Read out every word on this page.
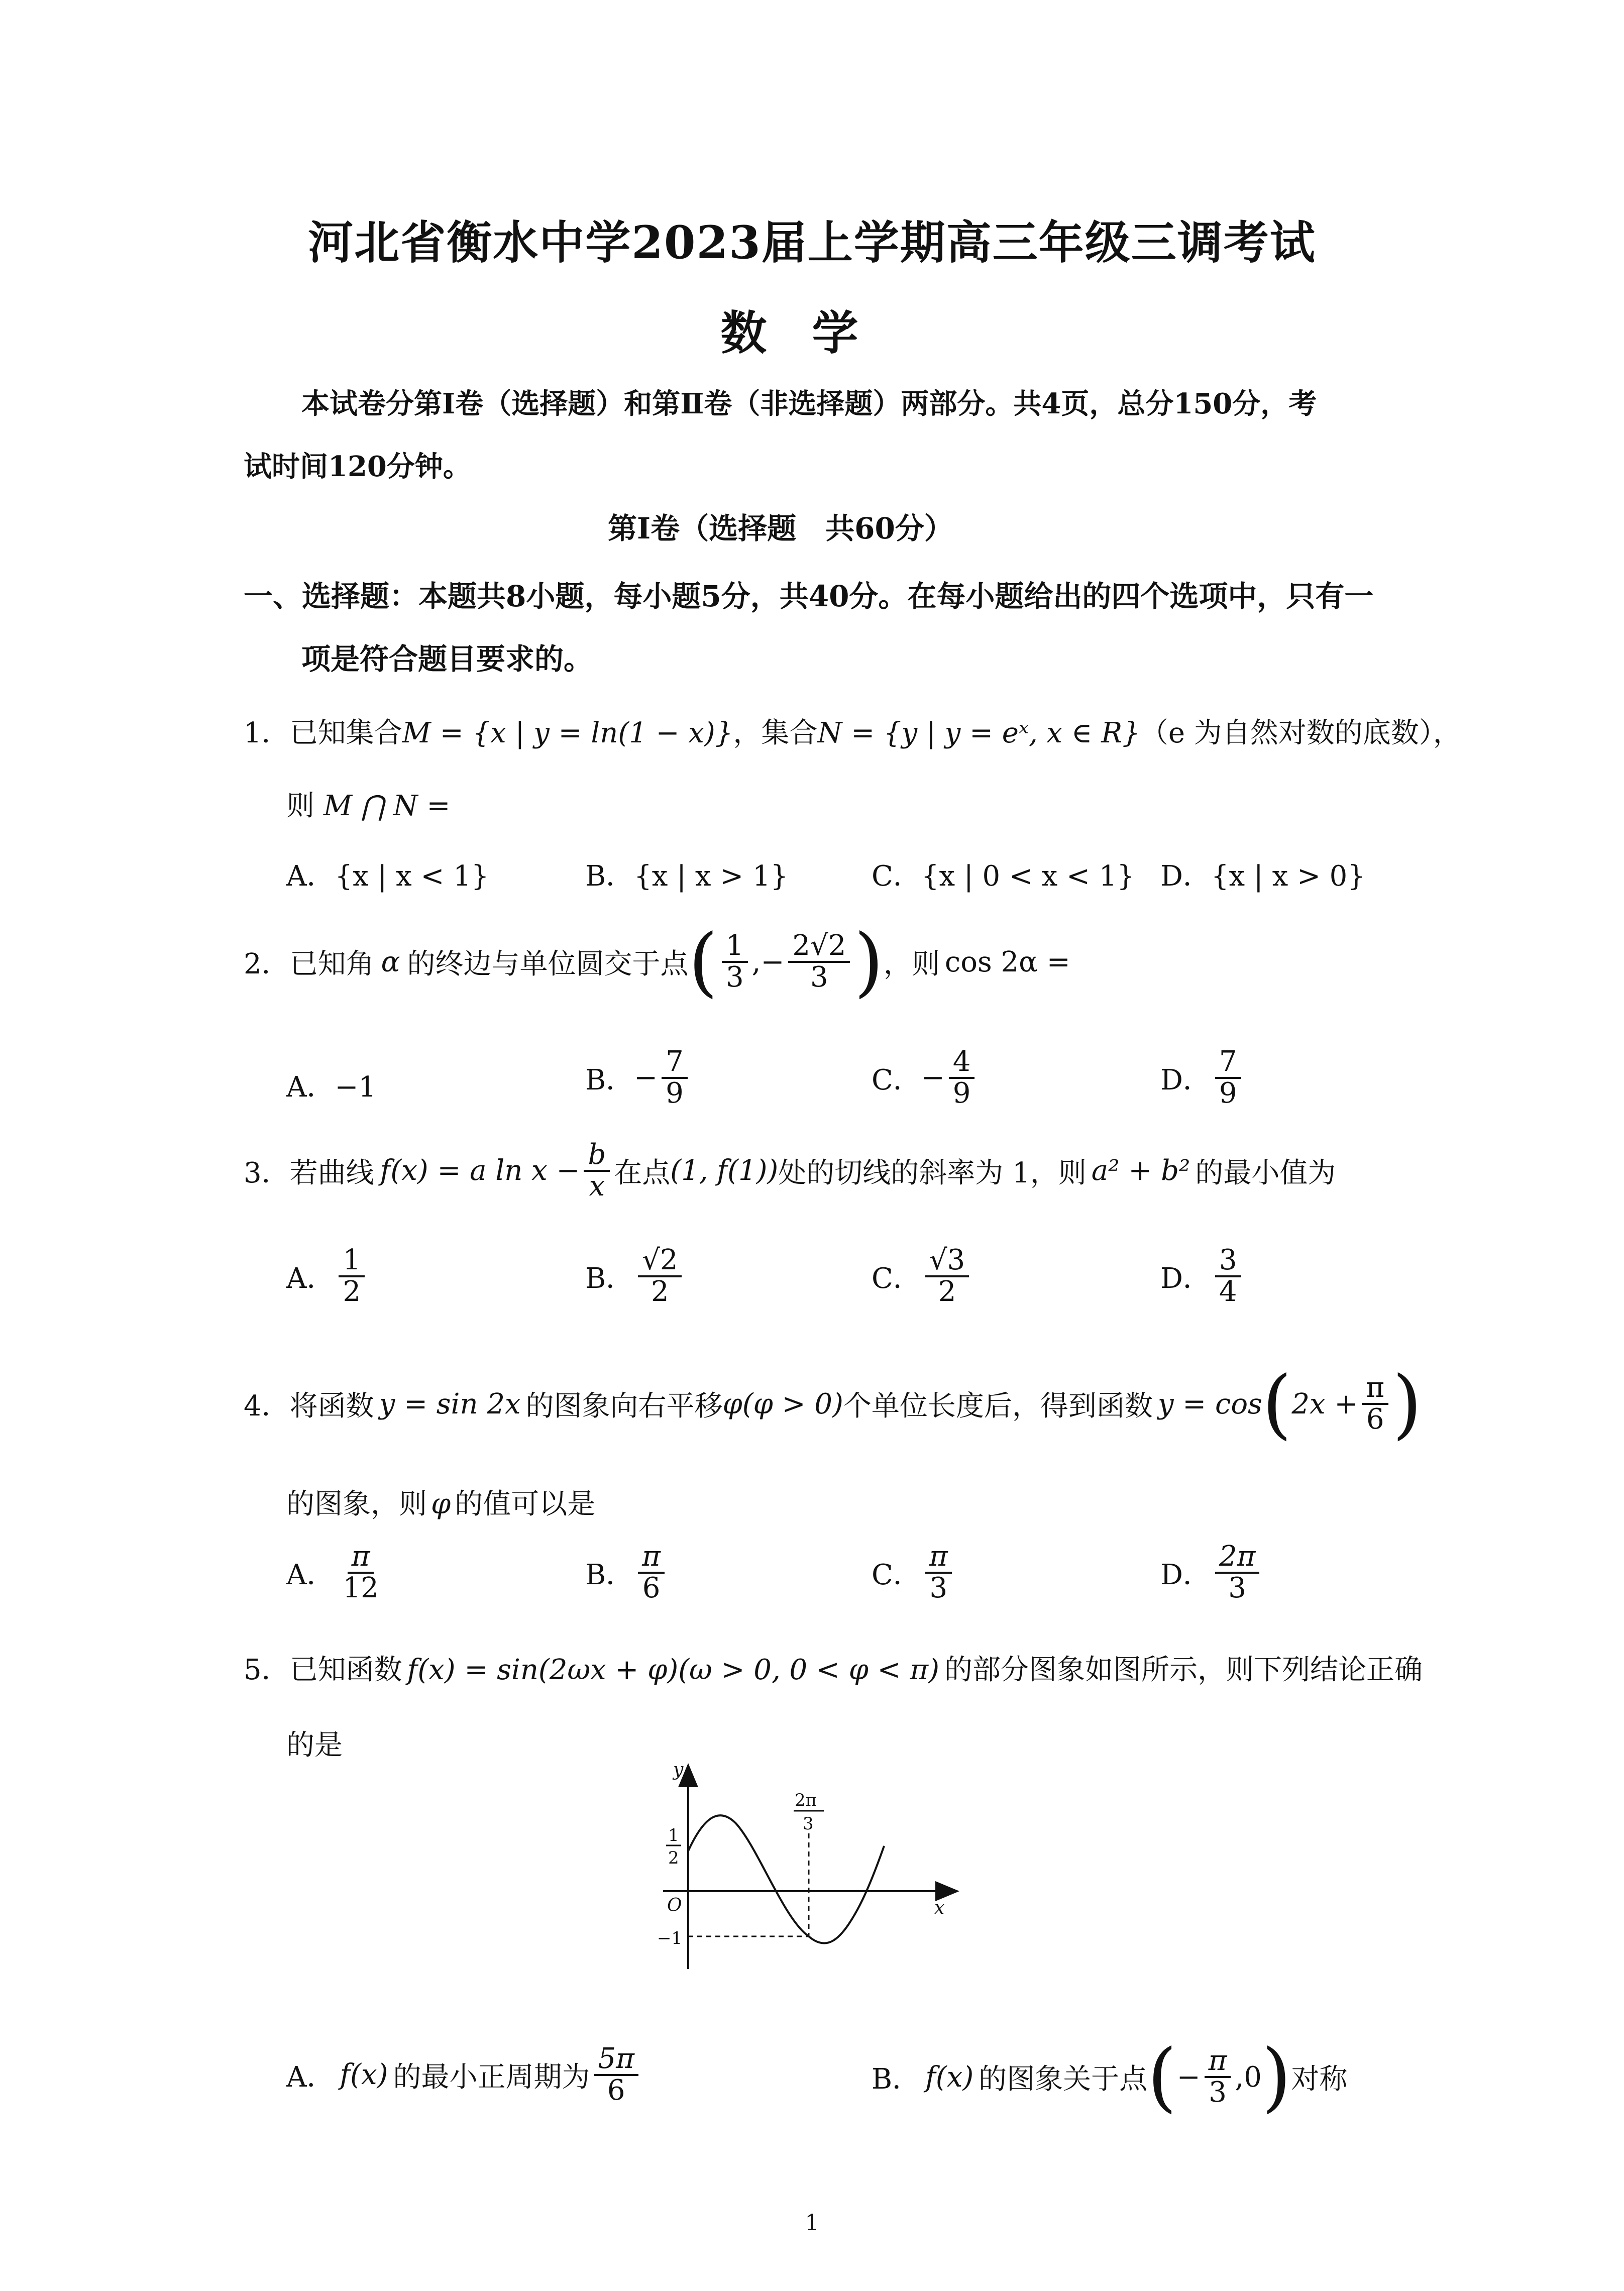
河北省衡水中学2023届上学期高三年级三调考试
数学
本试卷分第Ⅰ卷（选择题）和第Ⅱ卷（非选择题）两部分。共4页，总分150分，考
试时间120分钟。
第Ⅰ卷（选择题　共60分）
一、选择题：本题共8小题，每小题5分，共40分。在每小题给出的四个选项中，只有一
项是符合题目要求的。
1．已知集合M = {x | y = ln(1 − x)}，集合N = {y | y = eˣ, x ∈ R}（e 为自然对数的底数），
则 M ⋂ N =
A．{x | x < 1}	B．{x | x > 1}	C．{x | 0 < x < 1} D．{x | x > 0}
2． 已知角 α 的终边与单位圆交于点 ( $\frac{1}{3}$ ,− $\frac{2√2}{3}$ ) ，则 cos 2α =
A．−1	B． − $\frac{7}{9}$	C． − $\frac{4}{9}$	D． $\frac{7}{9}$
3． 若曲线 f(x) = a $\ln x - \frac{b}{x}$ 在点 (1, f(1)) 处的切线的斜率为 1，则 a² + b² 的最小值为
A． $\frac{1}{2}$	B． $\frac{√2}{2}$	C． $\frac{√3}{2}$	D． $\frac{3}{4}$
4． 将函数 y = sin 2x 的图象向右平移 φ(φ > 0) 个单位长度后，得到函数 y = cos ( $2x + \frac{\pi}{6}$ )
的图象，则 φ 的值可以是
A． $\frac{\pi}{12}$	B． $\frac{\pi}{6}$	C． $\frac{\pi}{3}$	D． $\frac{2\pi}{3}$
5．已知函数 f(x) = sin(2ωx + φ)(ω > 0, 0 < φ < π) 的部分图象如图所示，则下列结论正确
的是
y
x
O
1
2
−1
2π
3
A． f(x) 的最小正周期为 $\frac{5\pi}{6}$	B． f(x) 的图象关于点 ( − $\frac{\pi}{3} ,0$ ) 对称
1
